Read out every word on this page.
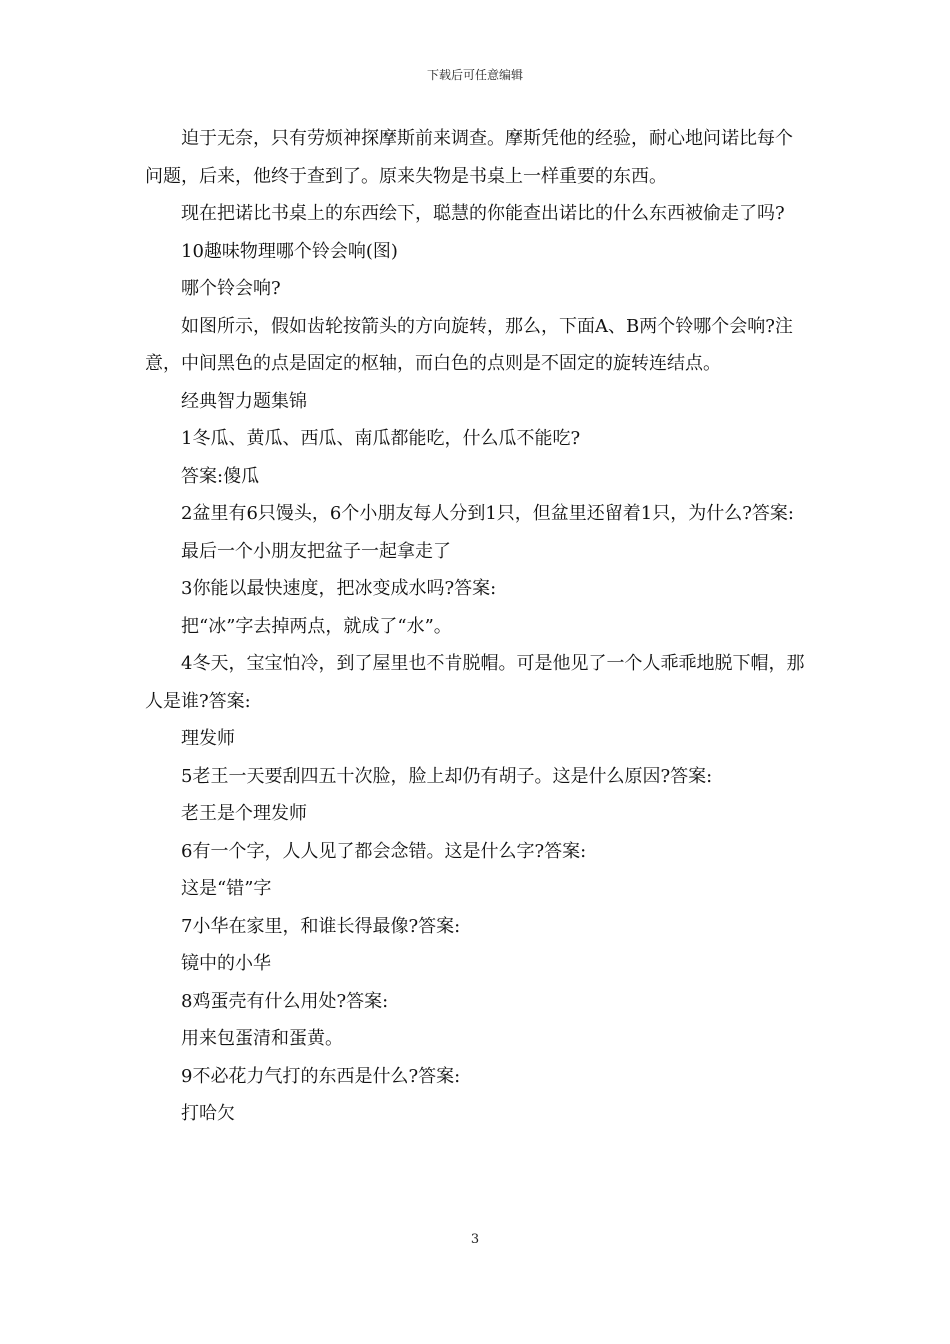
下载后可任意编辑

迫于无奈，只有劳烦神探摩斯前来调查。摩斯凭他的经验，耐心地问诺比每个问题，后来，他终于查到了。原来失物是书桌上一样重要的东西。

现在把诺比书桌上的东西绘下，聪慧的你能查出诺比的什么东西被偷走了吗?

10趣味物理哪个铃会响(图)

哪个铃会响?

如图所示，假如齿轮按箭头的方向旋转，那么，下面A、B两个铃哪个会响?注意，中间黑色的点是固定的枢轴，而白色的点则是不固定的旋转连结点。

经典智力题集锦

1冬瓜、黄瓜、西瓜、南瓜都能吃，什么瓜不能吃?

答案:傻瓜

2盆里有6只馒头，6个小朋友每人分到1只，但盆里还留着1只，为什么?答案:

最后一个小朋友把盆子一起拿走了

3你能以最快速度，把冰变成水吗?答案:

把“冰”字去掉两点，就成了“水”。

4冬天，宝宝怕冷，到了屋里也不肯脱帽。可是他见了一个人乖乖地脱下帽，那人是谁?答案:

理发师

5老王一天要刮四五十次脸，脸上却仍有胡子。这是什么原因?答案:

老王是个理发师

6有一个字，人人见了都会念错。这是什么字?答案:

这是“错”字

7小华在家里，和谁长得最像?答案:

镜中的小华

8鸡蛋壳有什么用处?答案:

用来包蛋清和蛋黄。

9不必花力气打的东西是什么?答案:

打哈欠

3
